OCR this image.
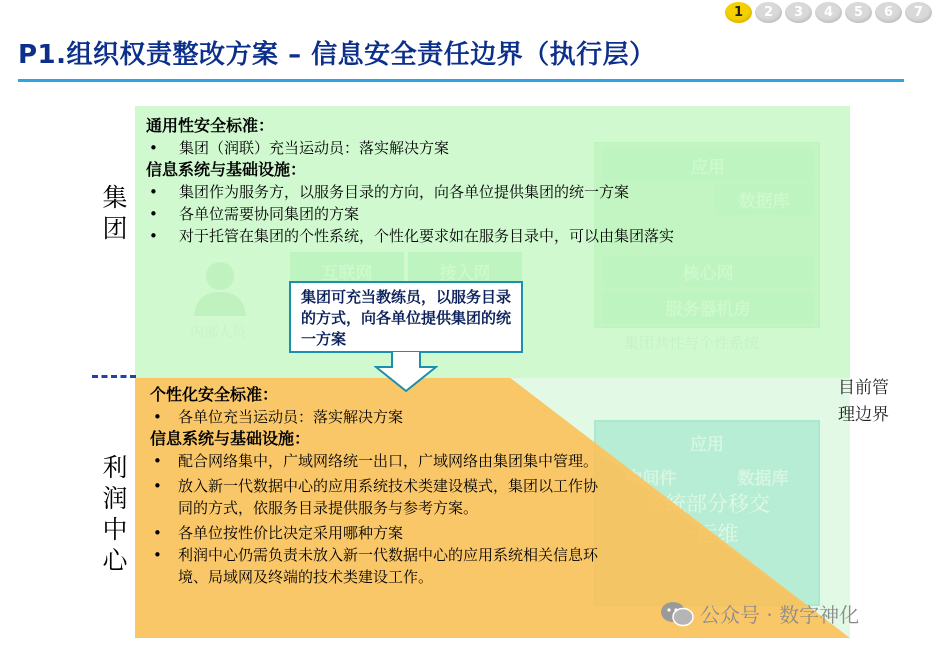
1	2	3	4	5	6	7
P1.组织权责整改方案 – 信息安全责任边界（执行层）
集团
利润中心
目前管
理边界
通用性安全标准：
• 集团（润联）充当运动员：落实解决方案
信息系统与基础设施：
• 集团作为服务方，以服务目录的方向，向各单位提供集团的统一方案
• 各单位需要协同集团的方案
• 对于托管在集团的个性系统，个性化要求如在服务目录中，可以由集团落实
集团可充当教练员，以服务目录的方式，向各单位提供集团的统一方案
个性化安全标准：
• 各单位充当运动员：落实解决方案
信息系统与基础设施：
• 配合网络集中，广域网络统一出口，广域网络由集团集中管理。
• 放入新一代数据中心的应用系统技术类建设模式，集团以工作协同的方式，依服务目录提供服务与参考方案。
• 各单位按性价比决定采用哪种方案
• 利润中心仍需负责未放入新一代数据中心的应用系统相关信息环境、局域网及终端的技术类建设工作。
公众号 · 数字神化
